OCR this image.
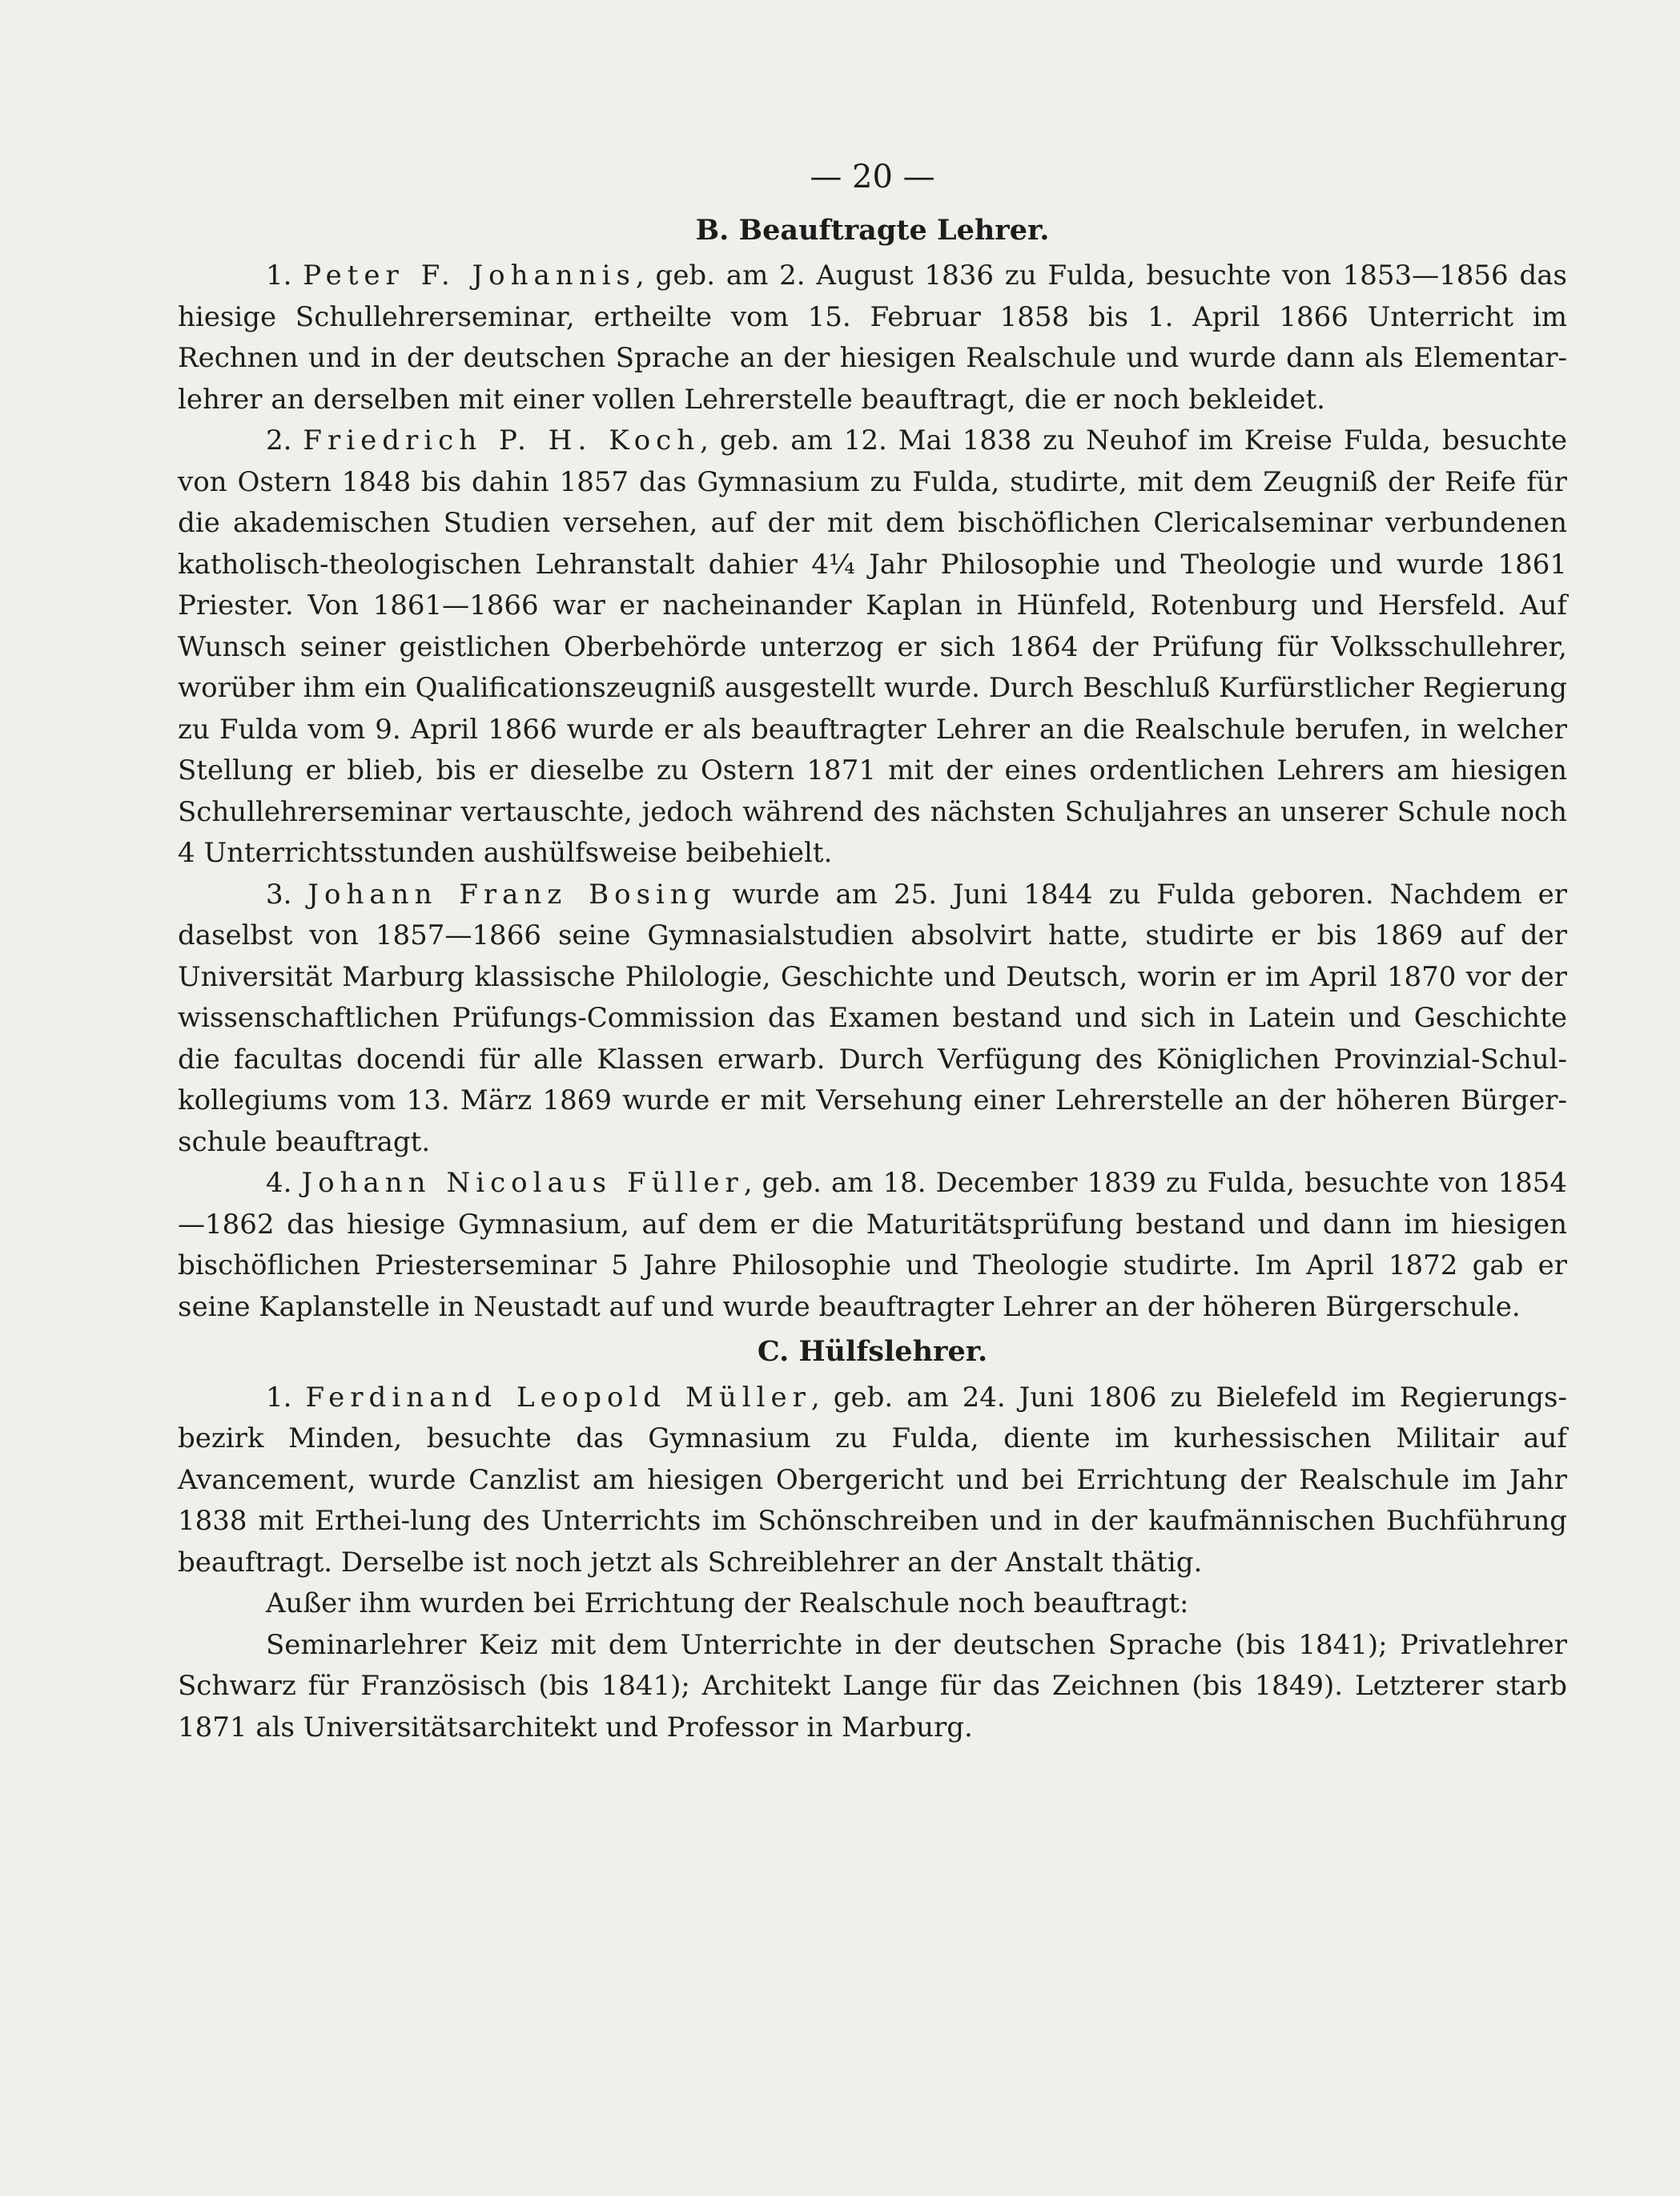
— 20 —
B. Beauftragte Lehrer.

1. Peter F. Johannis, geb. am 2. August 1836 zu Fulda, besuchte von 1853—1856 das hiesige Schullehrerseminar, ertheilte vom 15. Februar 1858 bis 1. April 1866 Unterricht im Rechnen und in der deutschen Sprache an der hiesigen Realschule und wurde dann als Elementar-lehrer an derselben mit einer vollen Lehrerstelle beauftragt, die er noch bekleidet.

2. Friedrich P. H. Koch, geb. am 12. Mai 1838 zu Neuhof im Kreise Fulda, besuchte von Ostern 1848 bis dahin 1857 das Gymnasium zu Fulda, studirte, mit dem Zeugniß der Reife für die akademischen Studien versehen, auf der mit dem bischöflichen Clericalseminar verbundenen katholisch-theologischen Lehranstalt dahier 4¼ Jahr Philosophie und Theologie und wurde 1861 Priester. Von 1861—1866 war er nacheinander Kaplan in Hünfeld, Rotenburg und Hersfeld. Auf Wunsch seiner geistlichen Oberbehörde unterzog er sich 1864 der Prüfung für Volksschullehrer, worüber ihm ein Qualificationszeugniß ausgestellt wurde. Durch Beschluß Kurfürstlicher Regierung zu Fulda vom 9. April 1866 wurde er als beauftragter Lehrer an die Realschule berufen, in welcher Stellung er blieb, bis er dieselbe zu Ostern 1871 mit der eines ordentlichen Lehrers am hiesigen Schullehrerseminar vertauschte, jedoch während des nächsten Schuljahres an unserer Schule noch 4 Unterrichtsstunden aushülfsweise beibehielt.

3. Johann Franz Bosing wurde am 25. Juni 1844 zu Fulda geboren. Nachdem er daselbst von 1857—1866 seine Gymnasialstudien absolvirt hatte, studirte er bis 1869 auf der Universität Marburg klassische Philologie, Geschichte und Deutsch, worin er im April 1870 vor der wissenschaftlichen Prüfungs-Commission das Examen bestand und sich in Latein und Geschichte die facultas docendi für alle Klassen erwarb. Durch Verfügung des Königlichen Provinzial-Schul-kollegiums vom 13. März 1869 wurde er mit Versehung einer Lehrerstelle an der höheren Bürger-schule beauftragt.

4. Johann Nicolaus Füller, geb. am 18. December 1839 zu Fulda, besuchte von 1854—1862 das hiesige Gymnasium, auf dem er die Maturitätsprüfung bestand und dann im hiesigen bischöflichen Priesterseminar 5 Jahre Philosophie und Theologie studirte. Im April 1872 gab er seine Kaplanstelle in Neustadt auf und wurde beauftragter Lehrer an der höheren Bürgerschule.

C. Hülfslehrer.

1. Ferdinand Leopold Müller, geb. am 24. Juni 1806 zu Bielefeld im Regierungs-bezirk Minden, besuchte das Gymnasium zu Fulda, diente im kurhessischen Militair auf Avancement, wurde Canzlist am hiesigen Obergericht und bei Errichtung der Realschule im Jahr 1838 mit Erthei-lung des Unterrichts im Schönschreiben und in der kaufmännischen Buchführung beauftragt. Derselbe ist noch jetzt als Schreiblehrer an der Anstalt thätig.

Außer ihm wurden bei Errichtung der Realschule noch beauftragt:

Seminarlehrer Keiz mit dem Unterrichte in der deutschen Sprache (bis 1841); Privatlehrer Schwarz für Französisch (bis 1841); Architekt Lange für das Zeichnen (bis 1849). Letzterer starb 1871 als Universitätsarchitekt und Professor in Marburg.
